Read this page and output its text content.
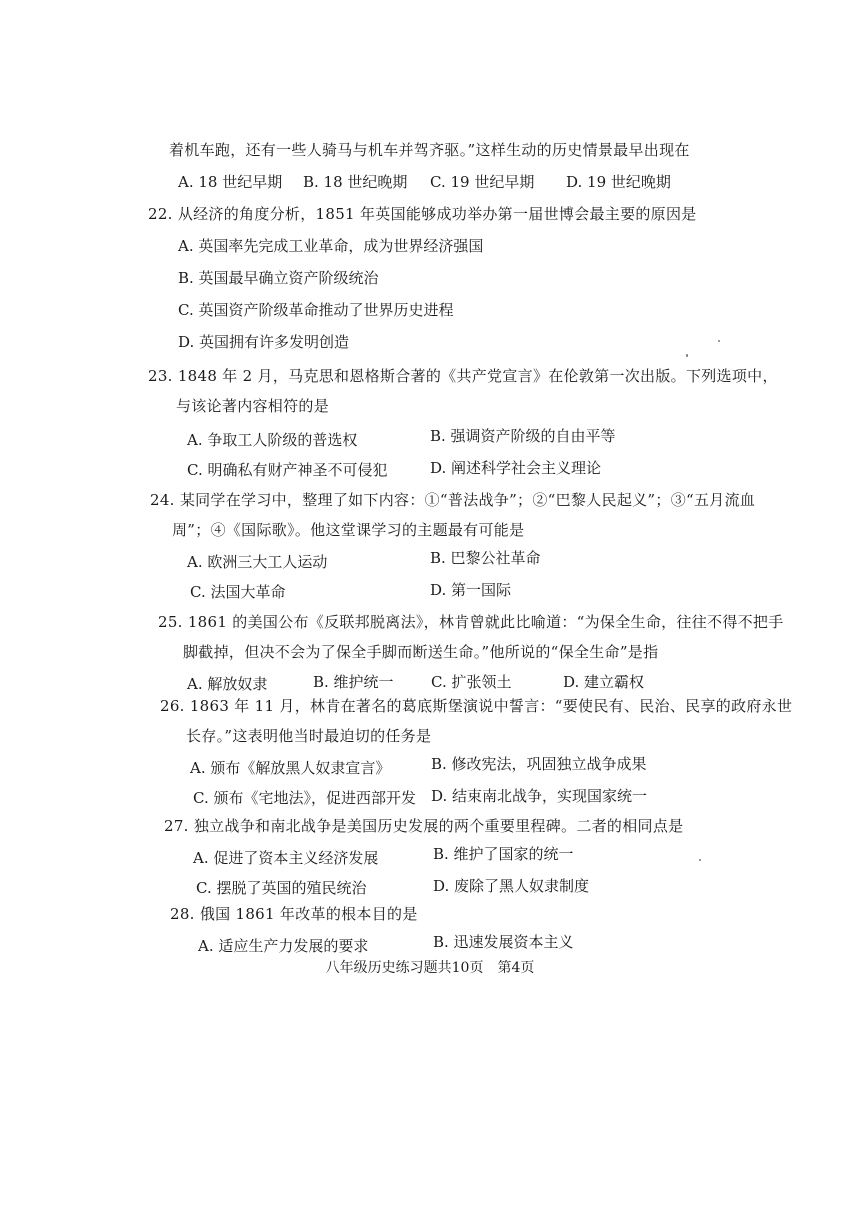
着机车跑，还有一些人骑马与机车并驾齐驱。”这样生动的历史情景最早出现在
A. 18 世纪早期 B. 18 世纪晚期 C. 19 世纪早期 D. 19 世纪晚期
22. 从经济的角度分析，1851 年英国能够成功举办第一届世博会最主要的原因是
A. 英国率先完成工业革命，成为世界经济强国
B. 英国最早确立资产阶级统治
C. 英国资产阶级革命推动了世界历史进程
D. 英国拥有许多发明创造
23. 1848 年 2 月，马克思和恩格斯合著的《共产党宣言》在伦敦第一次出版。下列选项中，
与该论著内容相符的是
A. 争取工人阶级的普选权	B. 强调资产阶级的自由平等
C. 明确私有财产神圣不可侵犯	D. 阐述科学社会主义理论
24. 某同学在学习中，整理了如下内容：①“普法战争”；②“巴黎人民起义”；③“五月流血
周”；④《国际歌》。他这堂课学习的主题最有可能是
A. 欧洲三大工人运动	B. 巴黎公社革命
C. 法国大革命	D. 第一国际
25. 1861 的美国公布《反联邦脱离法》，林肯曾就此比喻道：“为保全生命，往往不得不把手
脚截掉，但决不会为了保全手脚而断送生命。”他所说的“保全生命”是指
A. 解放奴隶	B. 维护统一 C. 扩张领土	D. 建立霸权
26. 1863 年 11 月，林肯在著名的葛底斯堡演说中誓言：“要使民有、民治、民享的政府永世
长存。”这表明他当时最迫切的任务是
A. 颁布《解放黑人奴隶宣言》	B. 修改宪法，巩固独立战争成果
C. 颁布《宅地法》，促进西部开发 D. 结束南北战争，实现国家统一
27. 独立战争和南北战争是美国历史发展的两个重要里程碑。二者的相同点是
A. 促进了资本主义经济发展	B. 维护了国家的统一
C. 摆脱了英国的殖民统治	D. 废除了黑人奴隶制度
28. 俄国 1861 年改革的根本目的是
A. 适应生产力发展的要求	B. 迅速发展资本主义
八年级历史练习题共10页　第4页
